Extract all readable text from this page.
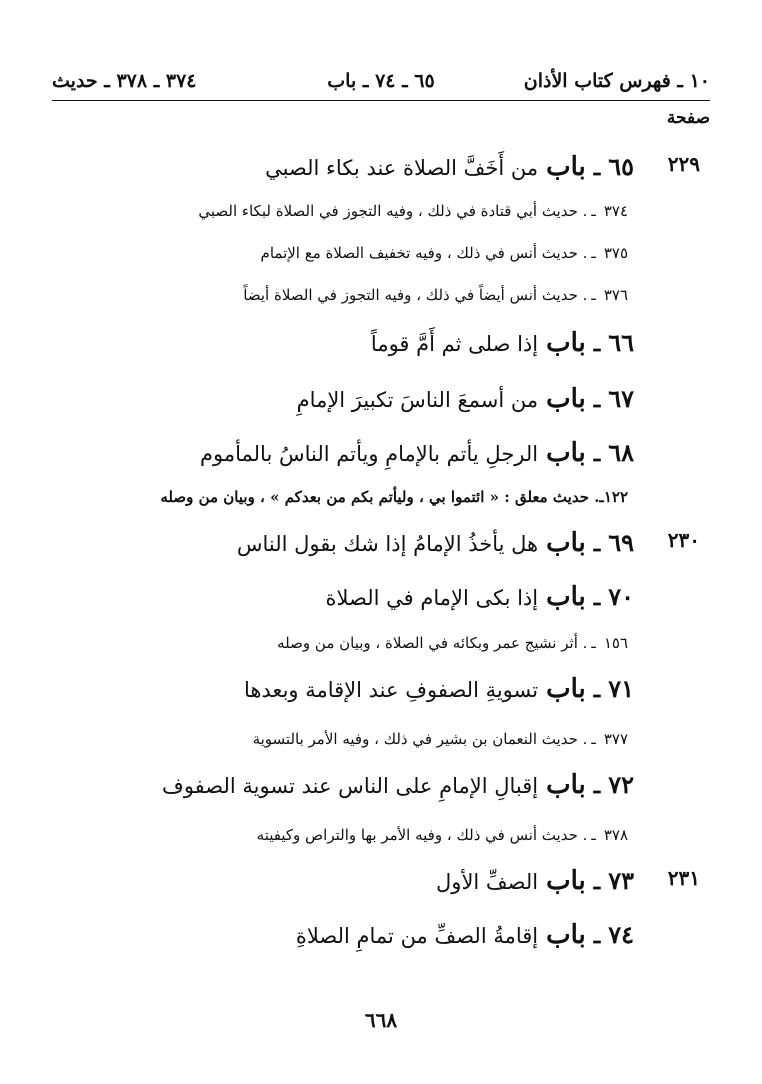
١٠ ـ فهرس كتاب الأذان
٦٥ ـ ٧٤ ـ باب
٣٧٤ ـ ٣٧٨ ـ حديث
صفحة
٢٢٩
٦٥
ـ
باب
من أَخَفَّ الصلاة عند بكاء الصبي
٣٧٤
ـ
حديث أبي قتادة في ذلك ، وفيه التجوز في الصلاة لبكاء الصبي .
٣٧٥
ـ
حديث أنس في ذلك ، وفيه تخفيف الصلاة مع الإتمام .
٣٧٦
ـ
حديث أنس أيضاً في ذلك ، وفيه التجوز في الصلاة أيضاً .
٦٦
ـ
باب
إذا صلى ثم أَمَّ قوماً
٦٧
ـ
باب
من أسمعَ الناسَ تكبيرَ الإمامِ
٦٨
ـ
باب
الرجلِ يأتم بالإمامِ ويأتم الناسُ بالمأموم
١٢٢
ـ
حديث معلق : « ائتموا بي ، وليأتم بكم من بعدكم » ، وبيان من وصله .
٢٣٠
٦٩
ـ
باب
هل يأخذُ الإمامُ إذا شك بقول الناس
٧٠
ـ
باب
إذا بكى الإمام في الصلاة
١٥٦
ـ
أثر نشيج عمر وبكائه في الصلاة ، وبيان من وصله .
٧١
ـ
باب
تسويةِ الصفوفِ عند الإقامة وبعدها
٣٧٧
ـ
حديث النعمان بن بشير في ذلك ، وفيه الأمر بالتسوية .
٧٢
ـ
باب
إقبالِ الإمامِ على الناس عند تسوية الصفوف
٣٧٨
ـ
حديث أنس في ذلك ، وفيه الأمر بها والتراص وكيفيته .
٢٣١
٧٣
ـ
باب
الصفِّ الأول
٧٤
ـ
باب
إقامةُ الصفِّ من تمامِ الصلاةِ
٦٦٨
